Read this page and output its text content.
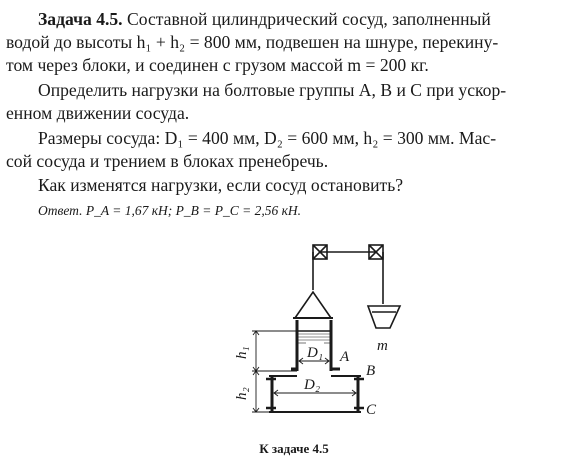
Задача 4.5. Составной цилиндрический сосуд, заполненный
водой до высоты h₁ + h₂ = 800 мм, подвешен на шнуре, перекину-
том через блоки, и соединен с грузом массой m = 200 кг.
Определить нагрузки на болтовые группы A, B и C при ускор-
енном движении сосуда.
Размеры сосуда: D₁ = 400 мм, D₂ = 600 мм, h₂ = 300 мм. Мас-
сой сосуда и трением в блоках пренебречь.
Как изменятся нагрузки, если сосуд остановить?
Ответ. P_A = 1,67 кН; P_B = P_C = 2,56 кН.
h₁
h₂
D₁
D₂
A
B
C
m
К задаче 4.5
